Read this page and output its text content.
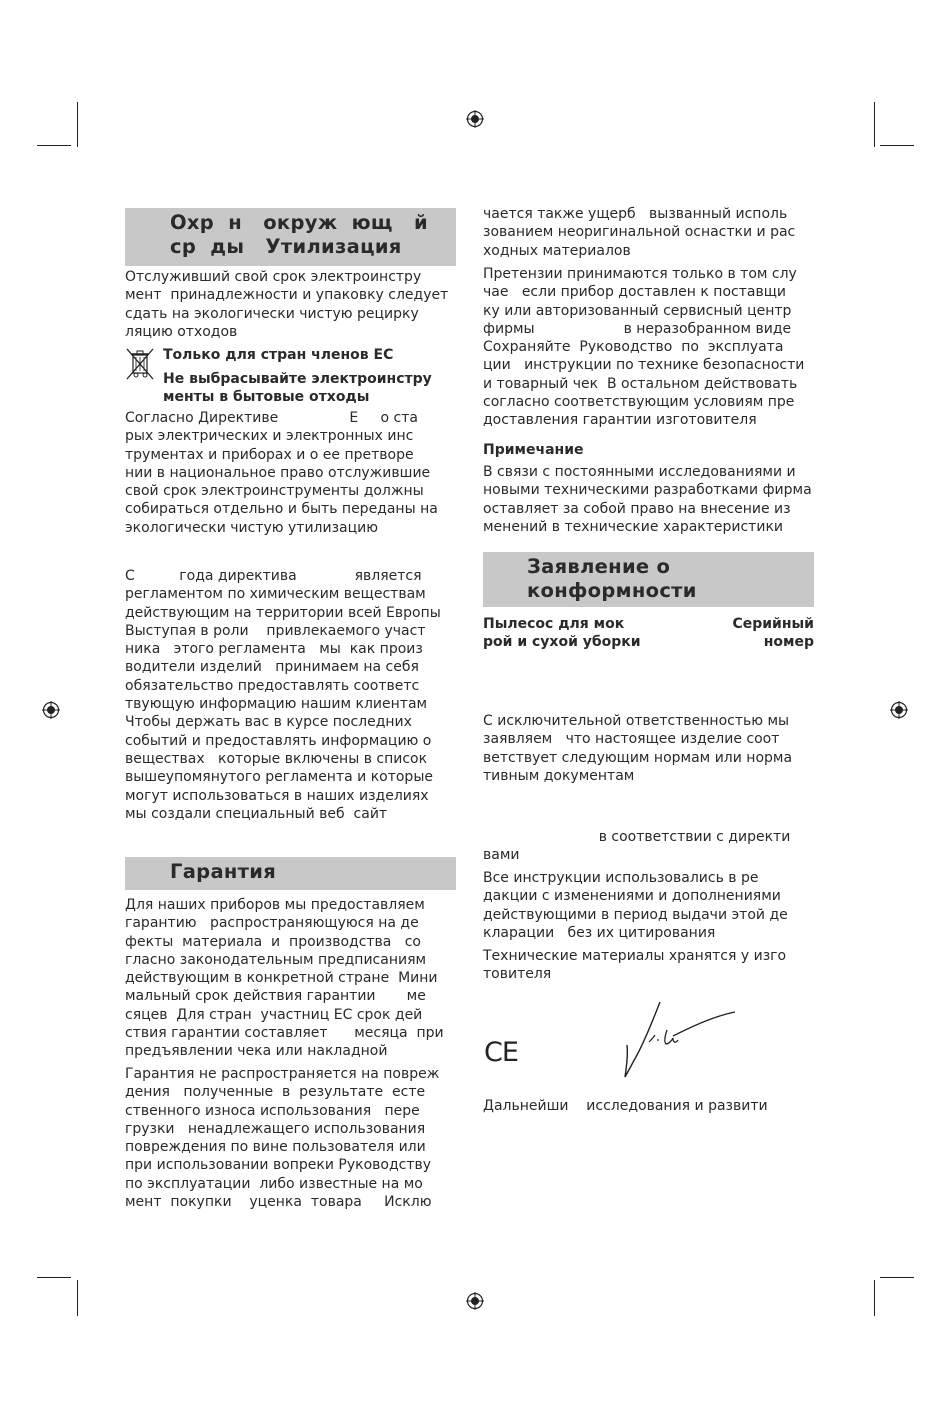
Охр  н   окруж  ющ   й
ср  ды   Утилизация
Отслуживший свой срок электроинстру
мент  принадлежности и упаковку следует
сдать на экологически чистую рецирку
ляцию отходов
Только для стран членов ЕС
Не выбрасывайте электроинстру
менты в бытовые отходы
Согласно Директиве                Е     о ста
рых электрических и электронных инс
трументах и приборах и о ее претворе
нии в национальное право отслужившие
свой срок электроинструменты должны
собираться отдельно и быть переданы на
экологически чистую утилизацию
С          года директива             является
регламентом по химическим веществам
действующим на территории всей Европы
Выступая в роли    привлекаемого участ
ника   этого регламента   мы  как произ
водители изделий   принимаем на себя
обязательство предоставлять соответс
твующую информацию нашим клиентам
Чтобы держать вас в курсе последних
событий и предоставлять информацию о
веществах   которые включены в список
вышеупомянутого регламента и которые
могут использоваться в наших изделиях
мы создали специальный веб  сайт
Гарантия
Для наших приборов мы предоставляем
гарантию   распространяющуюся на де
фекты  материала  и  производства   со
гласно законодательным предписаниям
действующим в конкретной стране  Мини
мальный срок действия гарантии       ме
сяцев  Для стран  участниц ЕС срок дей
ствия гарантии составляет      месяца  при
предъявлении чека или накладной
Гарантия не распространяется на повреж
дения   полученные  в  результате  есте
ственного износа использования   пере
грузки   ненадлежащего использования
повреждения по вине пользователя или
при использовании вопреки Руководству
по эксплуатации  либо известные на мо
мент  покупки    уценка  товара     Исклю
чается также ущерб   вызванный исполь
зованием неоригинальной оснастки и рас
ходных материалов
Претензии принимаются только в том слу
чае   если прибор доставлен к поставщи
ку или авторизованный сервисный центр
фирмы                    в неразобранном виде
Сохраняйте  Руководство  по  эксплуата
ции   инструкции по технике безопасности
и товарный чек  В остальном действовать
согласно соответствующим условиям пре
доставления гарантии изготовителя
Примечание
В связи с постоянными исследованиями и
новыми техническими разработками фирма
оставляет за собой право на внесение из
менений в технические характеристики
Заявление о
конформности
Пылесос для мок
рой и сухой уборки
Серийный
номер
С исключительной ответственностью мы
заявляем   что настоящее изделие соот
ветствует следующим нормам или норма
тивным документам
в соответствии с директи
вами
Все инструкции использовались в ре
дакции с изменениями и дополнениями
действующими в период выдачи этой де
кларации   без их цитирования
Технические материалы хранятся у изго
товителя
CE
Дальнейши    исследования и развити
